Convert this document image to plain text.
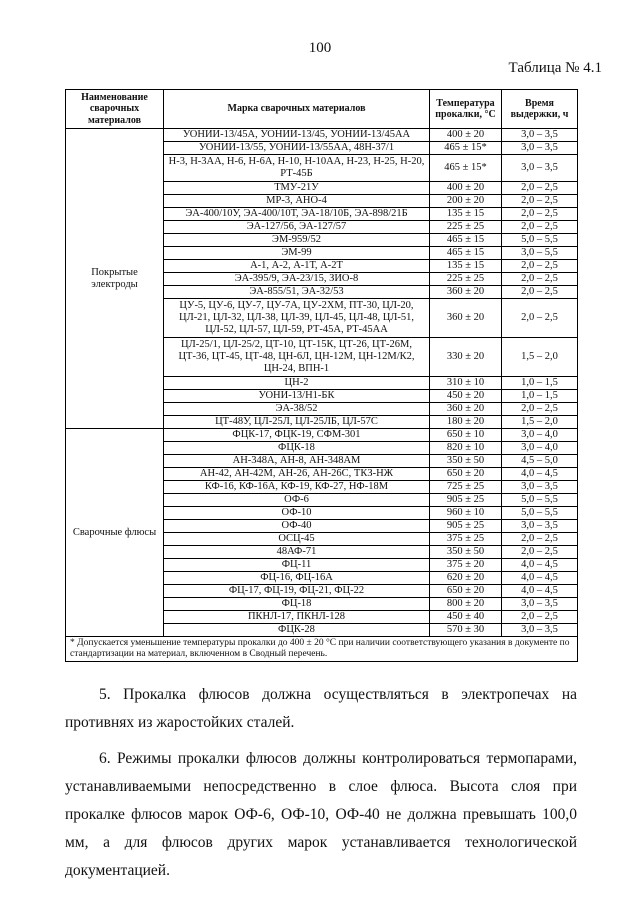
100
Таблица № 4.1
Наименование сварочных материалов	Марка сварочных материалов	Температура прокалки, °С	Время выдержки, ч
Покрытые электроды	УОНИИ-13/45А, УОНИИ-13/45, УОНИИ-13/45АА	400 ± 20	3,0 – 3,5
	УОНИИ-13/55, УОНИИ-13/55АА, 48Н-37/1	465 ± 15*	3,0 – 3,5
	Н-3, Н-3АА, Н-6, Н-6А, Н-10, Н-10АА, Н-23, Н-25, Н-20, РТ-45Б	465 ± 15*	3,0 – 3,5
	ТМУ-21У	400 ± 20	2,0 – 2,5
	МР-3, АНО-4	200 ± 20	2,0 – 2,5
	ЭА-400/10У, ЭА-400/10Т, ЭА-18/10Б, ЭА-898/21Б	135 ± 15	2,0 – 2,5
	ЭА-127/56, ЭА-127/57	225 ± 25	2,0 – 2,5
	ЭМ-959/52	465 ± 15	5,0 – 5,5
	ЭМ-99	465 ± 15	3,0 – 5,5
	А-1, А-2, А-1Т, А-2Т	135 ± 15	2,0 – 2,5
	ЭА-395/9, ЭА-23/15, ЗИО-8	225 ± 25	2,0 – 2,5
	ЭА-855/51, ЭА-32/53	360 ± 20	2,0 – 2,5
	ЦУ-5, ЦУ-6, ЦУ-7, ЦУ-7А, ЦУ-2ХМ, ПТ-30, ЦЛ-20, ЦЛ-21, ЦЛ-32, ЦЛ-38, ЦЛ-39, ЦЛ-45, ЦЛ-48, ЦЛ-51, ЦЛ-52, ЦЛ-57, ЦЛ-59, РТ-45А, РТ-45АА	360 ± 20	2,0 – 2,5
	ЦЛ-25/1, ЦЛ-25/2, ЦТ-10, ЦТ-15К, ЦТ-26, ЦТ-26М, ЦТ-36, ЦТ-45, ЦТ-48, ЦН-6Л, ЦН-12М, ЦН-12М/К2, ЦН-24, ВПН-1	330 ± 20	1,5 – 2,0
	ЦН-2	310 ± 10	1,0 – 1,5
	УОНИ-13/Н1-БК	450 ± 20	1,0 – 1,5
	ЭА-38/52	360 ± 20	2,0 – 2,5
	ЦТ-48У, ЦЛ-25Л, ЦЛ-25ЛБ, ЦЛ-57С	180 ± 20	1,5 – 2,0
Сварочные флюсы	ФЦК-17, ФЦК-19, СФМ-301	650 ± 10	3,0 – 4,0
	ФЦК-18	820 ± 10	3,0 – 4,0
	АН-348А, АН-8, АН-348АМ	350 ± 50	4,5 – 5,0
	АН-42, АН-42М, АН-26, АН-26С, ТКЗ-НЖ	650 ± 20	4,0 – 4,5
	КФ-16, КФ-16А, КФ-19, КФ-27, НФ-18М	725 ± 25	3,0 – 3,5
	ОФ-6	905 ± 25	5,0 – 5,5
	ОФ-10	960 ± 10	5,0 – 5,5
	ОФ-40	905 ± 25	3,0 – 3,5
	ОСЦ-45	375 ± 25	2,0 – 2,5
	48АФ-71	350 ± 50	2,0 – 2,5
	ФЦ-11	375 ± 20	4,0 – 4,5
	ФЦ-16, ФЦ-16А	620 ± 20	4,0 – 4,5
	ФЦ-17, ФЦ-19, ФЦ-21, ФЦ-22	650 ± 20	4,0 – 4,5
	ФЦ-18	800 ± 20	3,0 – 3,5
	ПКНЛ-17, ПКНЛ-128	450 ± 40	2,0 – 2,5
	ФЦК-28	570 ± 30	3,0 – 3,5
* Допускается уменьшение температуры прокалки до 400 ± 20 °С при наличии соответствующего указания в документе по стандартизации на материал, включенном в Сводный перечень.			
5. Прокалка флюсов должна осуществляться в электропечах на противнях из жаростойких сталей.
6. Режимы прокалки флюсов должны контролироваться термопарами, устанавливаемыми непосредственно в слое флюса. Высота слоя при прокалке флюсов марок ОФ-6, ОФ-10, ОФ-40 не должна превышать 100,0 мм, а для флюсов других марок устанавливается технологической документацией.
